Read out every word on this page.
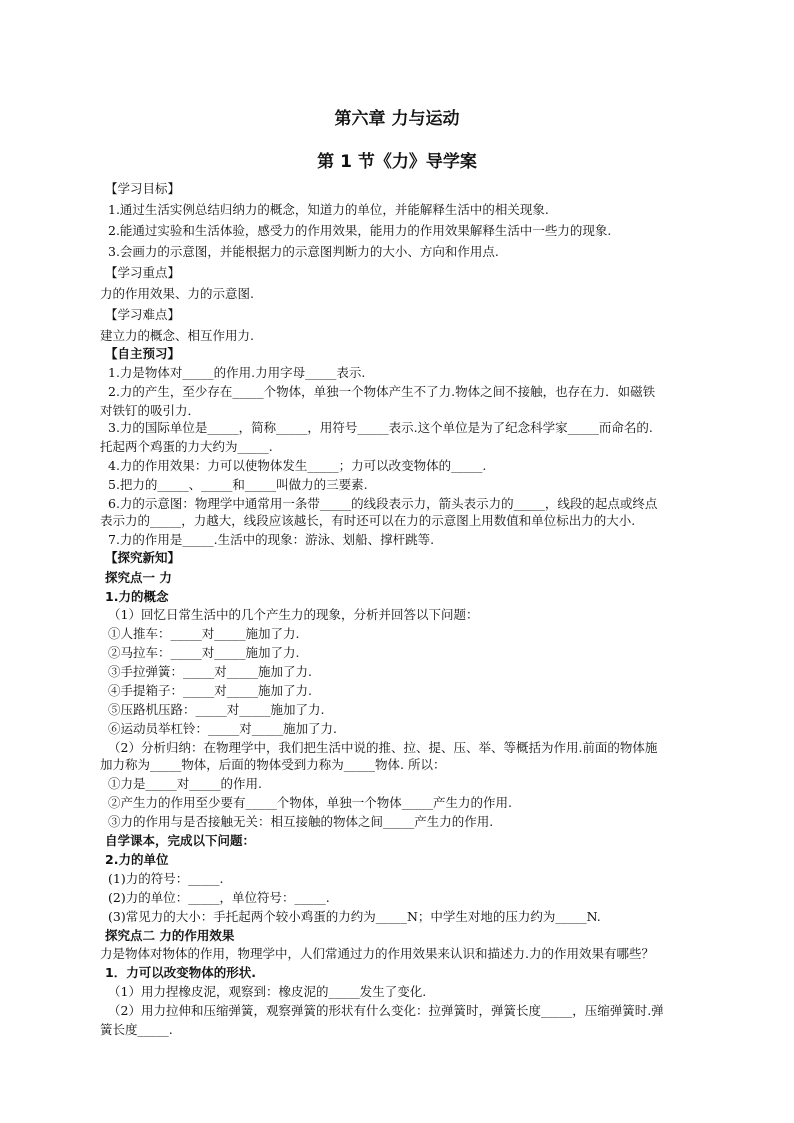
第六章 力与运动
第 1 节《力》导学案
【学习目标】
1.通过生活实例总结归纳力的概念，知道力的单位，并能解释生活中的相关现象.
2.能通过实验和生活体验，感受力的作用效果，能用力的作用效果解释生活中一些力的现象.
3.会画力的示意图，并能根据力的示意图判断力的大小、方向和作用点.
【学习重点】
力的作用效果、力的示意图.
【学习难点】
建立力的概念、相互作用力.
【自主预习】
1.力是物体对_____的作用.力用字母_____表示.
2.力的产生，至少存在_____个物体，单独一个物体产生不了力.物体之间不接触，也存在力．如磁铁
对铁钉的吸引力．
3.力的国际单位是_____，简称_____，用符号_____表示.这个单位是为了纪念科学家_____而命名的.
托起两个鸡蛋的力大约为_____.
4.力的作用效果：力可以使物体发生_____；力可以改变物体的_____.
5.把力的_____、_____和_____叫做力的三要素.
6.力的示意图：物理学中通常用一条带_____的线段表示力，箭头表示力的_____，线段的起点或终点
表示力的_____，力越大，线段应该越长，有时还可以在力的示意图上用数值和单位标出力的大小.
7.力的作用是_____.生活中的现象：游泳、划船、撑杆跳等.
【探究新知】
探究点一 力
1.力的概念
（1）回忆日常生活中的几个产生力的现象，分析并回答以下问题：
①人推车：_____对_____施加了力.
②马拉车：_____对_____施加了力.
③手拉弹簧：_____对_____施加了力.
④手提箱子：_____对_____施加了力.
⑤压路机压路：_____对_____施加了力.
⑥运动员举杠铃：_____对_____施加了力.
（2）分析归纳：在物理学中，我们把生活中说的推、拉、提、压、举、等概括为作用.前面的物体施
加力称为_____物体，后面的物体受到力称为_____物体. 所以：
①力是_____对_____的作用.
②产生力的作用至少要有_____个物体，单独一个物体_____产生力的作用.
③力的作用与是否接触无关：相互接触的物体之间_____产生力的作用.
自学课本，完成以下问题：
2.力的单位
(1)力的符号：_____.
(2)力的单位：_____，单位符号：_____.
(3)常见力的大小：手托起两个较小鸡蛋的力约为_____N；中学生对地的压力约为_____N.
探究点二 力的作用效果
力是物体对物体的作用，物理学中，人们常通过力的作用效果来认识和描述力.力的作用效果有哪些？
1．力可以改变物体的形状.
（1）用力捏橡皮泥，观察到：橡皮泥的_____发生了变化.
（2）用力拉伸和压缩弹簧，观察弹簧的形状有什么变化：拉弹簧时，弹簧长度_____，压缩弹簧时.弹
簧长度_____.
